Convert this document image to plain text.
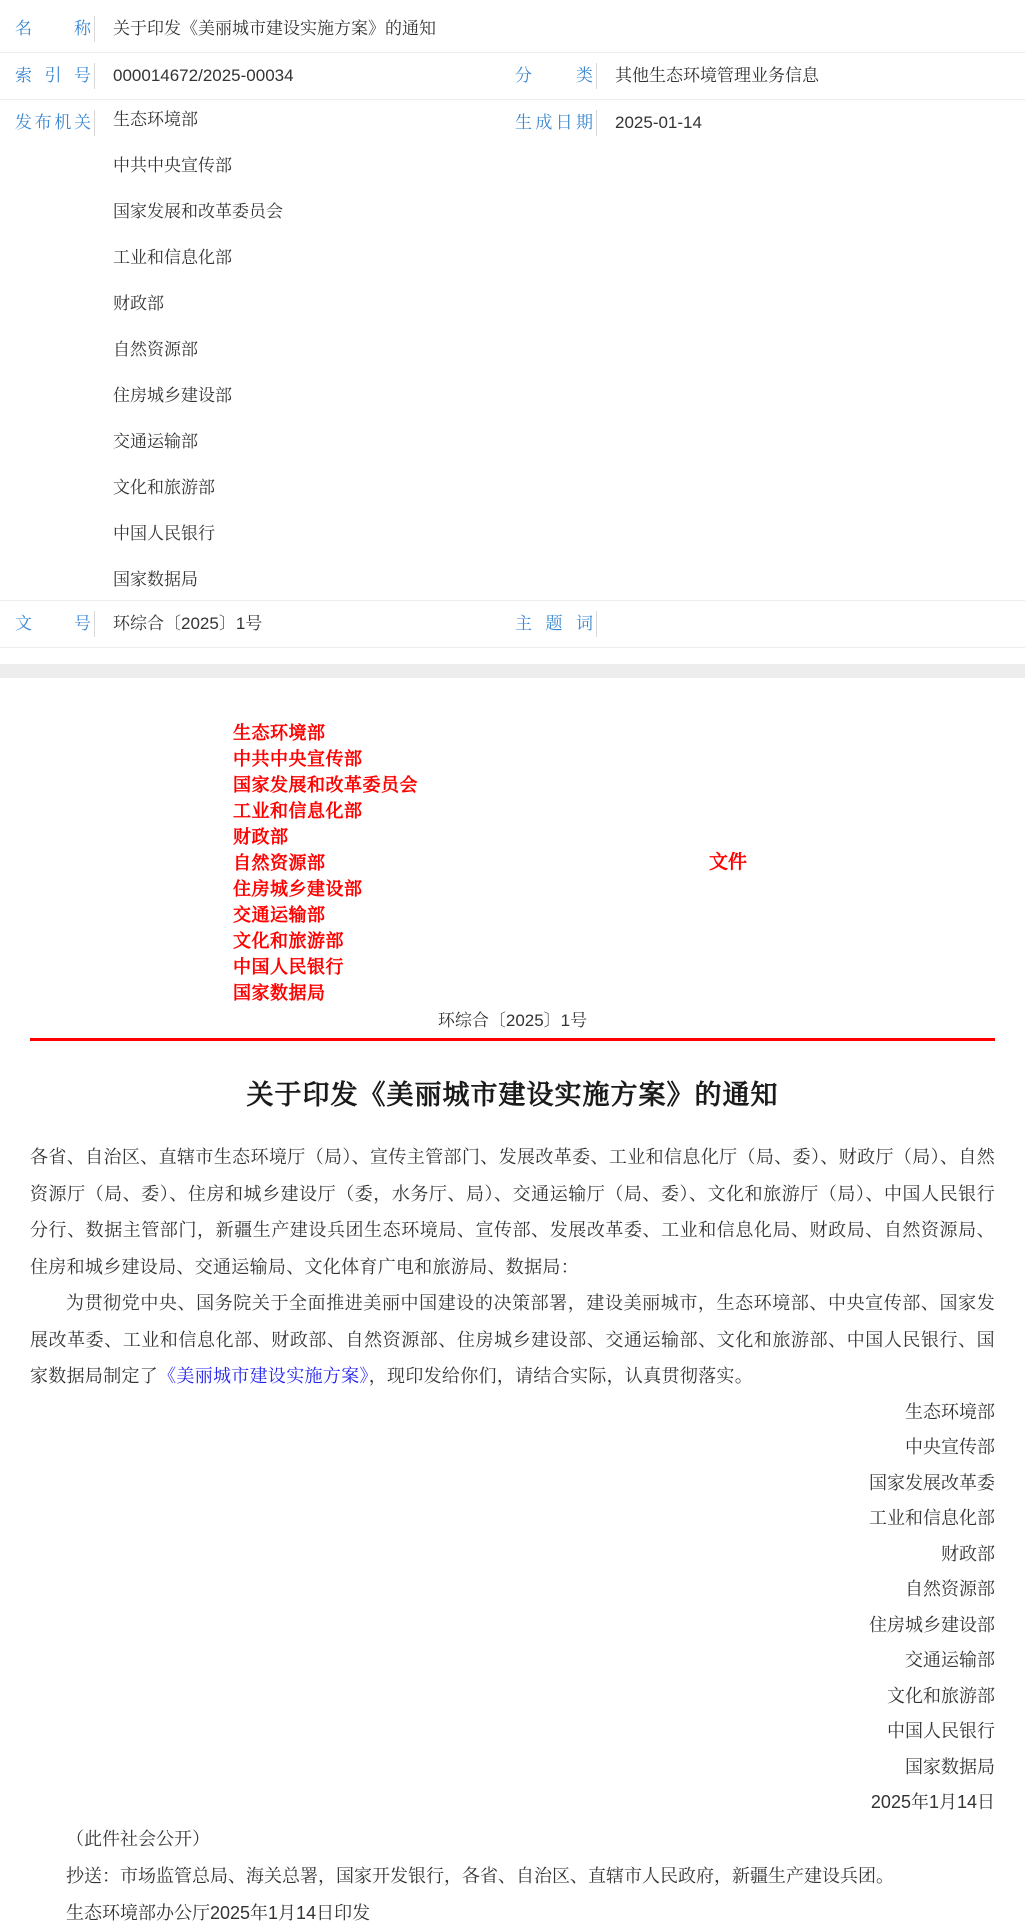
名称 关于印发《美丽城市建设实施方案》的通知
索引号 000014672/2025-00034	分类 其他生态环境管理业务信息
发布机关 生态环境部
中共中央宣传部
国家发展和改革委员会
工业和信息化部
财政部
自然资源部
住房城乡建设部
交通运输部
文化和旅游部
中国人民银行
国家数据局
生成日期 2025-01-14
文号 环综合〔2025〕1号	主题词
生态环境部
中共中央宣传部
国家发展和改革委员会
工业和信息化部
财政部
自然资源部
住房城乡建设部
交通运输部
文化和旅游部
中国人民银行
国家数据局
文件
环综合〔2025〕1号
关于印发《美丽城市建设实施方案》的通知

各省、自治区、直辖市生态环境厅（局）、宣传主管部门、发展改革委、工业和信息化厅（局、委）、财政厅（局）、自然资源厅（局、委）、住房和城乡建设厅（委，水务厅、局）、交通运输厅（局、委）、文化和旅游厅（局）、中国人民银行分行、数据主管部门，新疆生产建设兵团生态环境局、宣传部、发展改革委、工业和信息化局、财政局、自然资源局、住房和城乡建设局、交通运输局、文化体育广电和旅游局、数据局：

为贯彻党中央、国务院关于全面推进美丽中国建设的决策部署，建设美丽城市，生态环境部、中央宣传部、国家发展改革委、工业和信息化部、财政部、自然资源部、住房城乡建设部、交通运输部、文化和旅游部、中国人民银行、国家数据局制定了《美丽城市建设实施方案》，现印发给你们，请结合实际，认真贯彻落实。

生态环境部
中央宣传部
国家发展改革委
工业和信息化部
财政部
自然资源部
住房城乡建设部
交通运输部
文化和旅游部
中国人民银行
国家数据局
2025年1月14日

（此件社会公开）

抄送：市场监管总局、海关总署，国家开发银行，各省、自治区、直辖市人民政府，新疆生产建设兵团。

生态环境部办公厅2025年1月14日印发
